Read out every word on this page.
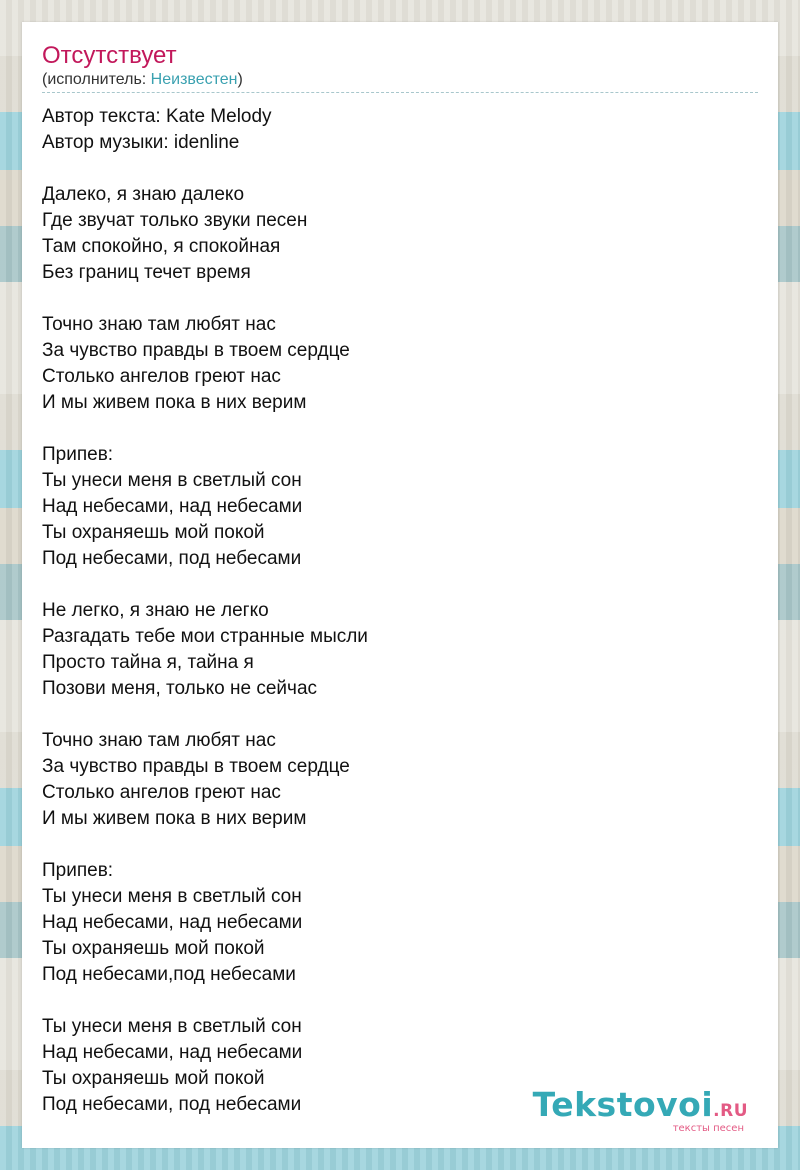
Отсутствует
(исполнитель: Неизвестен)
Автор текста: Kate Melody
Автор музыки: idenline

Далеко, я знаю далеко
Где звучат только звуки песен
Там спокойно, я спокойная
Без границ течет время

Точно знаю там любят нас
За чувство правды в твоем сердце
Столько ангелов греют нас
И мы живем пока в них верим

Припев:
Ты унеси меня в светлый сон
Над небесами, над небесами
Ты охраняешь мой покой
Под небесами, под небесами

Не легко, я знаю не легко
Разгадать тебе мои странные мысли
Просто тайна я, тайна я
Позови меня, только не сейчас

Точно знаю там любят нас
За чувство правды в твоем сердце
Столько ангелов греют нас
И мы живем пока в них верим

Припев:
Ты унеси меня в светлый сон
Над небесами, над небесами
Ты охраняешь мой покой
Под небесами,под небесами

Ты унеси меня в светлый сон
Над небесами, над небесами
Ты охраняешь мой покой
Под небесами, под небесами	Tekstovoi.RU
тексты песен
